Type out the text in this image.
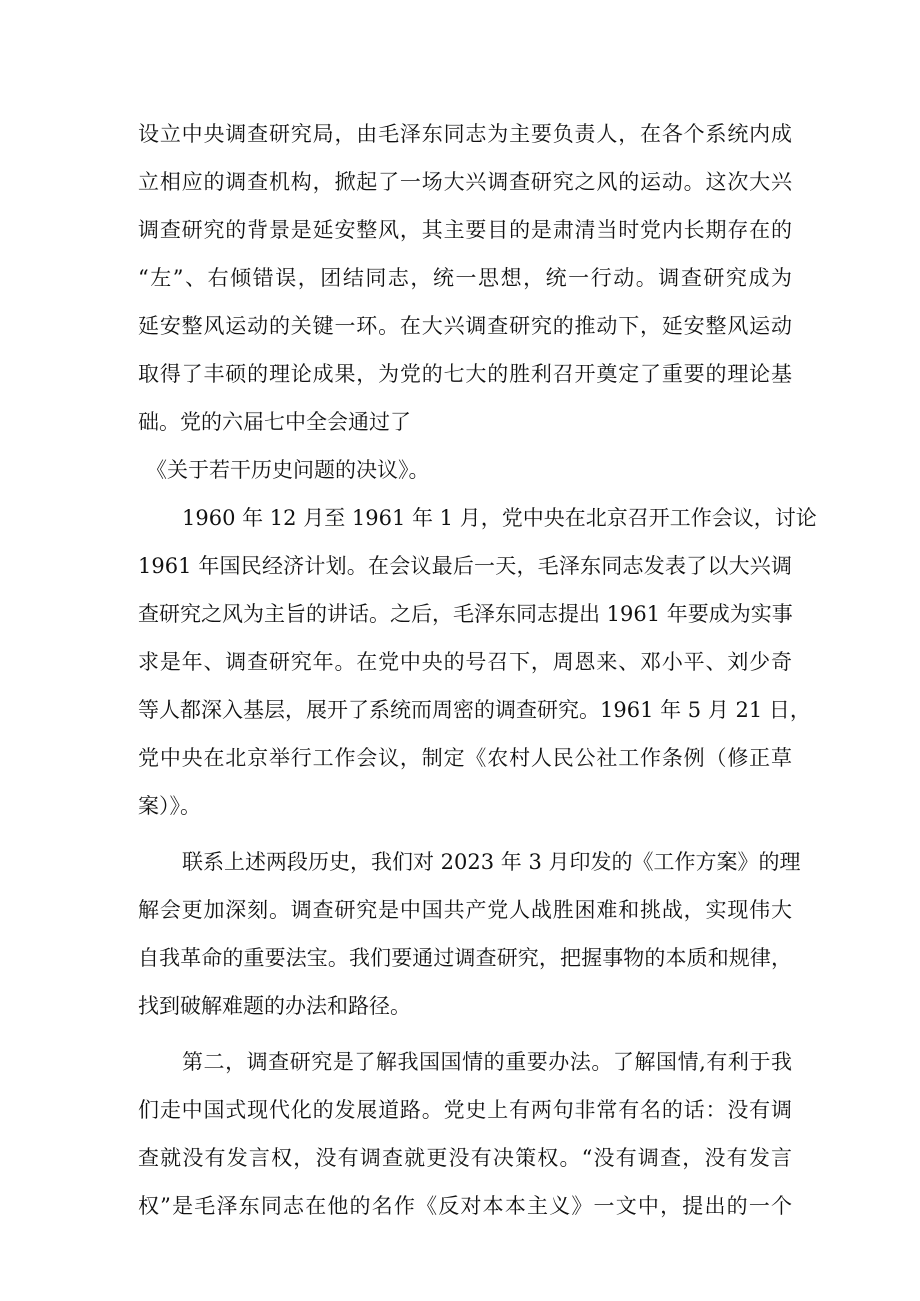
设立中央调查研究局，由毛泽东同志为主要负责人，在各个系统内成
立相应的调查机构，掀起了一场大兴调查研究之风的运动。这次大兴
调查研究的背景是延安整风，其主要目的是肃清当时党内长期存在的
“左”、右倾错误，团结同志，统一思想，统一行动。调查研究成为
延安整风运动的关键一环。在大兴调查研究的推动下，延安整风运动
取得了丰硕的理论成果，为党的七大的胜利召开奠定了重要的理论基
础。党的六届七中全会通过了
《关于若干历史问题的决议》。
1960 年 12 月至 1961 年 1 月，党中央在北京召开工作会议，讨论
1961 年国民经济计划。在会议最后一天，毛泽东同志发表了以大兴调
查研究之风为主旨的讲话。之后，毛泽东同志提出 1961 年要成为实事
求是年、调查研究年。在党中央的号召下，周恩来、邓小平、刘少奇
等人都深入基层，展开了系统而周密的调查研究。1961 年 5 月 21 日，
党中央在北京举行工作会议，制定《农村人民公社工作条例（修正草
案）》。
联系上述两段历史，我们对 2023 年 3 月印发的《工作方案》的理
解会更加深刻。调查研究是中国共产党人战胜困难和挑战，实现伟大
自我革命的重要法宝。我们要通过调查研究，把握事物的本质和规律，
找到破解难题的办法和路径。
第二，调查研究是了解我国国情的重要办法。了解国情,有利于我
们走中国式现代化的发展道路。党史上有两句非常有名的话：没有调
查就没有发言权，没有调查就更没有决策权。“没有调查，没有发言
权”是毛泽东同志在他的名作《反对本本主义》一文中，提出的一个
